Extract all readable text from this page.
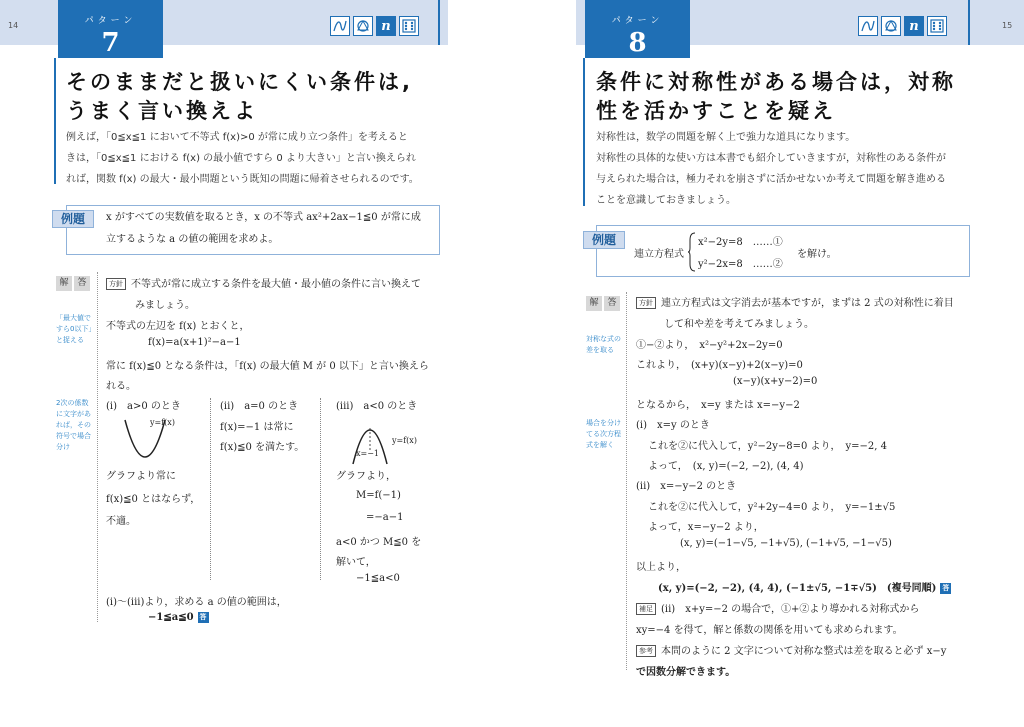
14	パターン
7
n
そのままだと扱いにくい条件は,
うまく言い換えよ
例えば，「0≦x≦1 において不等式 f(x)>0 が常に成り立つ条件」を考えると
きは，「0≦x≦1 における f(x) の最小値ですら 0 より大きい」と言い換えられ
れば，関数 f(x) の最大・最小問題という既知の問題に帰着させられるのです。
例題	x がすべての実数値を取るとき，x の不等式 ax²+2ax−1≦0 が常に成
立するような a の値の範囲を求めよ。
解 答
「最大値で
すら0以下」
と捉える
2次の係数
に文字があ
れば，その
符号で場合
分け
方針 不等式が常に成立する条件を最大値・最小値の条件に言い換えて
みましょう。
不等式の左辺を f(x) とおくと，
f(x)=a(x+1)²−a−1
常に f(x)≦0 となる条件は，「f(x) の最大値 M が 0 以下」と言い換えら
れる。
(i)　a>0 のとき
y=f(x)
グラフより常に
f(x)≦0 とはならず，
不適。
(ii)　a=0 のとき
f(x)=−1 は常に
f(x)≦0 を満たす。
(iii)　a<0 のとき
y=f(x)
x=−1
グラフより，
M=f(−1)
=−a−1
a<0 かつ M≦0 を
解いて，
−1≦a<0
(i)〜(iii)より，求める a の値の範囲は，
−1≦a≦0 答
15
パターン
8
n
条件に対称性がある場合は，対称
性を活かすことを疑え
対称性は，数学の問題を解く上で強力な道具になります。
対称性の具体的な使い方は本書でも紹介していきますが，対称性のある条件が
与えられた場合は，極力それを崩さずに活かせないか考えて問題を解き進める
ことを意識しておきましょう。
例題
連立方程式
x²−2y=8　……①
y²−2x=8　……②
を解け。
解 答
対称な式の
差を取る
場合を分け
てる次方程
式を解く
方針 連立方程式は文字消去が基本ですが，まずは 2 式の対称性に着目
して和や差を考えてみましょう。
①−②より，　x²−y²+2x−2y=0
これより，　(x+y)(x−y)+2(x−y)=0
(x−y)(x+y−2)=0
となるから，　x=y または x=−y−2
(i)　x=y のとき
これを②に代入して，y²−2y−8=0 より，　y=−2, 4
よって，　(x, y)=(−2, −2), (4, 4)
(ii)　x=−y−2 のとき
これを②に代入して，y²+2y−4=0 より，　y=−1±√5
よって，x=−y−2 より，
(x, y)=(−1−√5, −1+√5), (−1+√5, −1−√5)
以上より，
(x, y)=(−2, −2), (4, 4), (−1±√5, −1∓√5)　(複号同順) 答
補足 (ii)　x+y=−2 の場合で，①+②より導かれる対称式から
xy=−4 を得て，解と係数の関係を用いても求められます。
参考 本問のように 2 文字について対称な整式は差を取ると必ず x−y
で因数分解できます。
